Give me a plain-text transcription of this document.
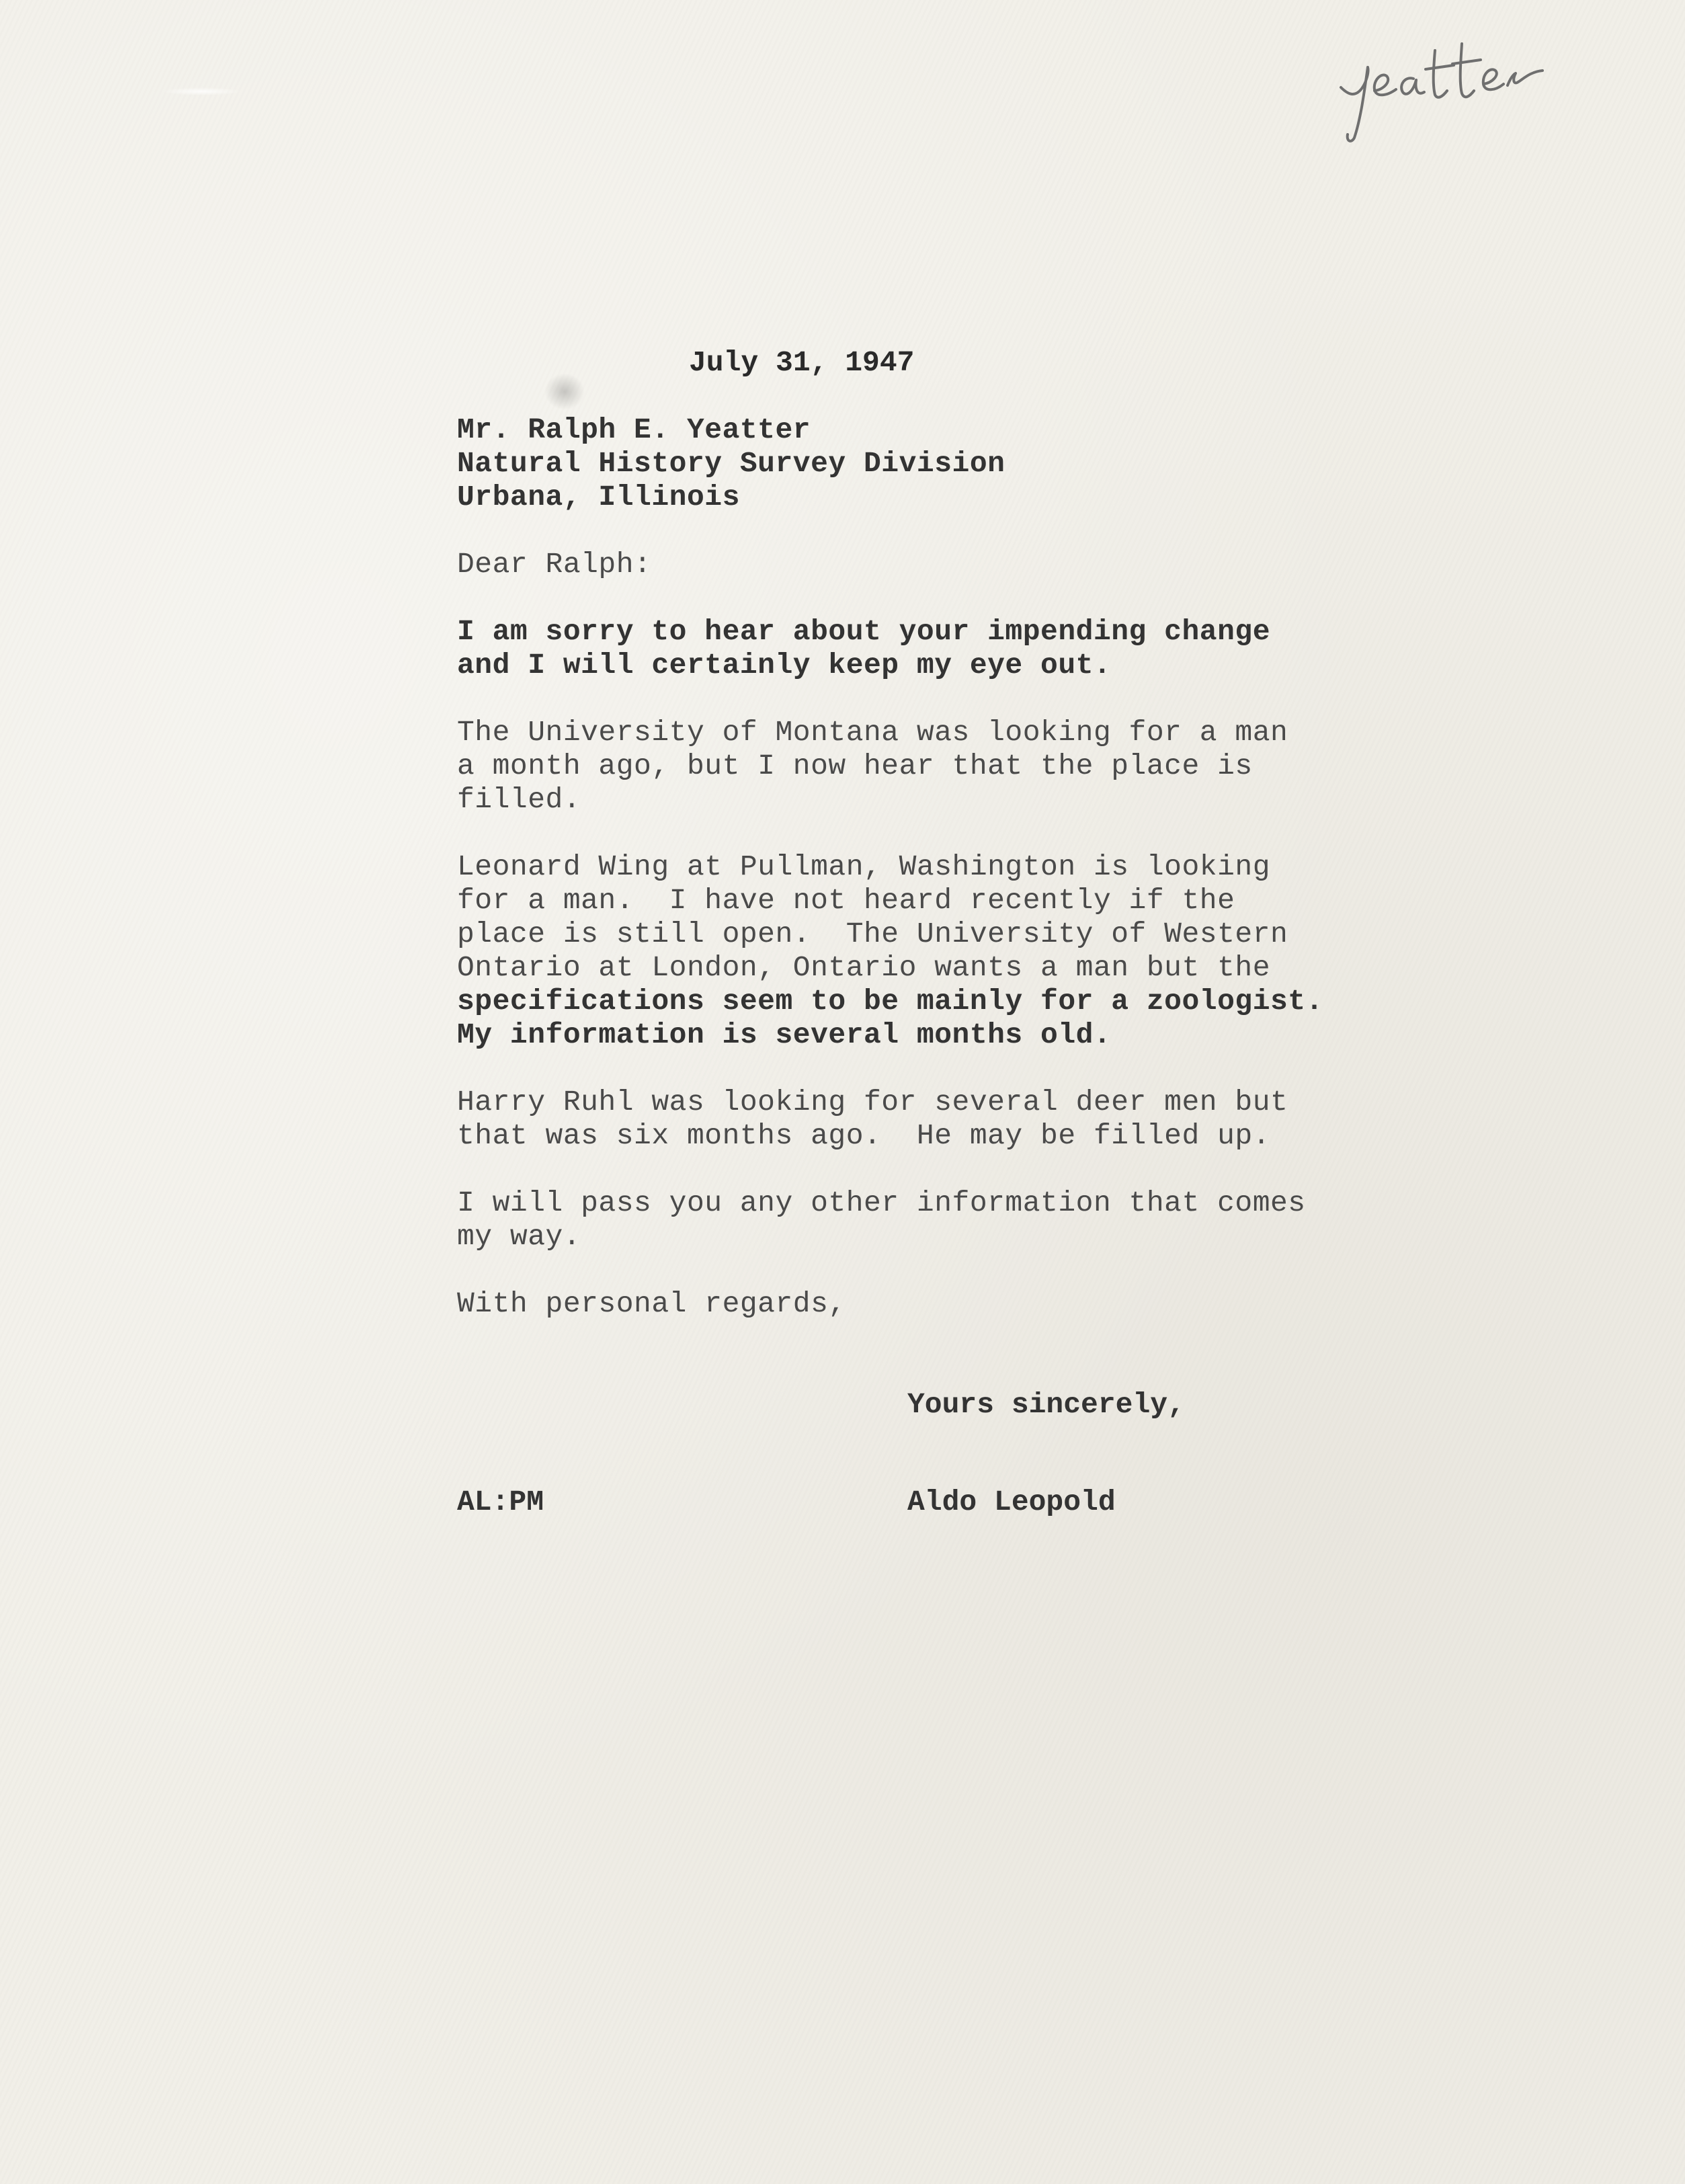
July 31, 1947
Mr. Ralph E. Yeatter
Natural History Survey Division
Urbana, Illinois
Dear Ralph:
I am sorry to hear about your impending change
and I will certainly keep my eye out.
The University of Montana was looking for a man
a month ago, but I now hear that the place is
filled.
Leonard Wing at Pullman, Washington is looking
for a man.  I have not heard recently if the
place is still open.  The University of Western
Ontario at London, Ontario wants a man but the
specifications seem to be mainly for a zoologist.
My information is several months old.
Harry Ruhl was looking for several deer men but
that was six months ago.  He may be filled up.
I will pass you any other information that comes
my way.
With personal regards,
Yours sincerely,
AL:PM	Aldo Leopold
